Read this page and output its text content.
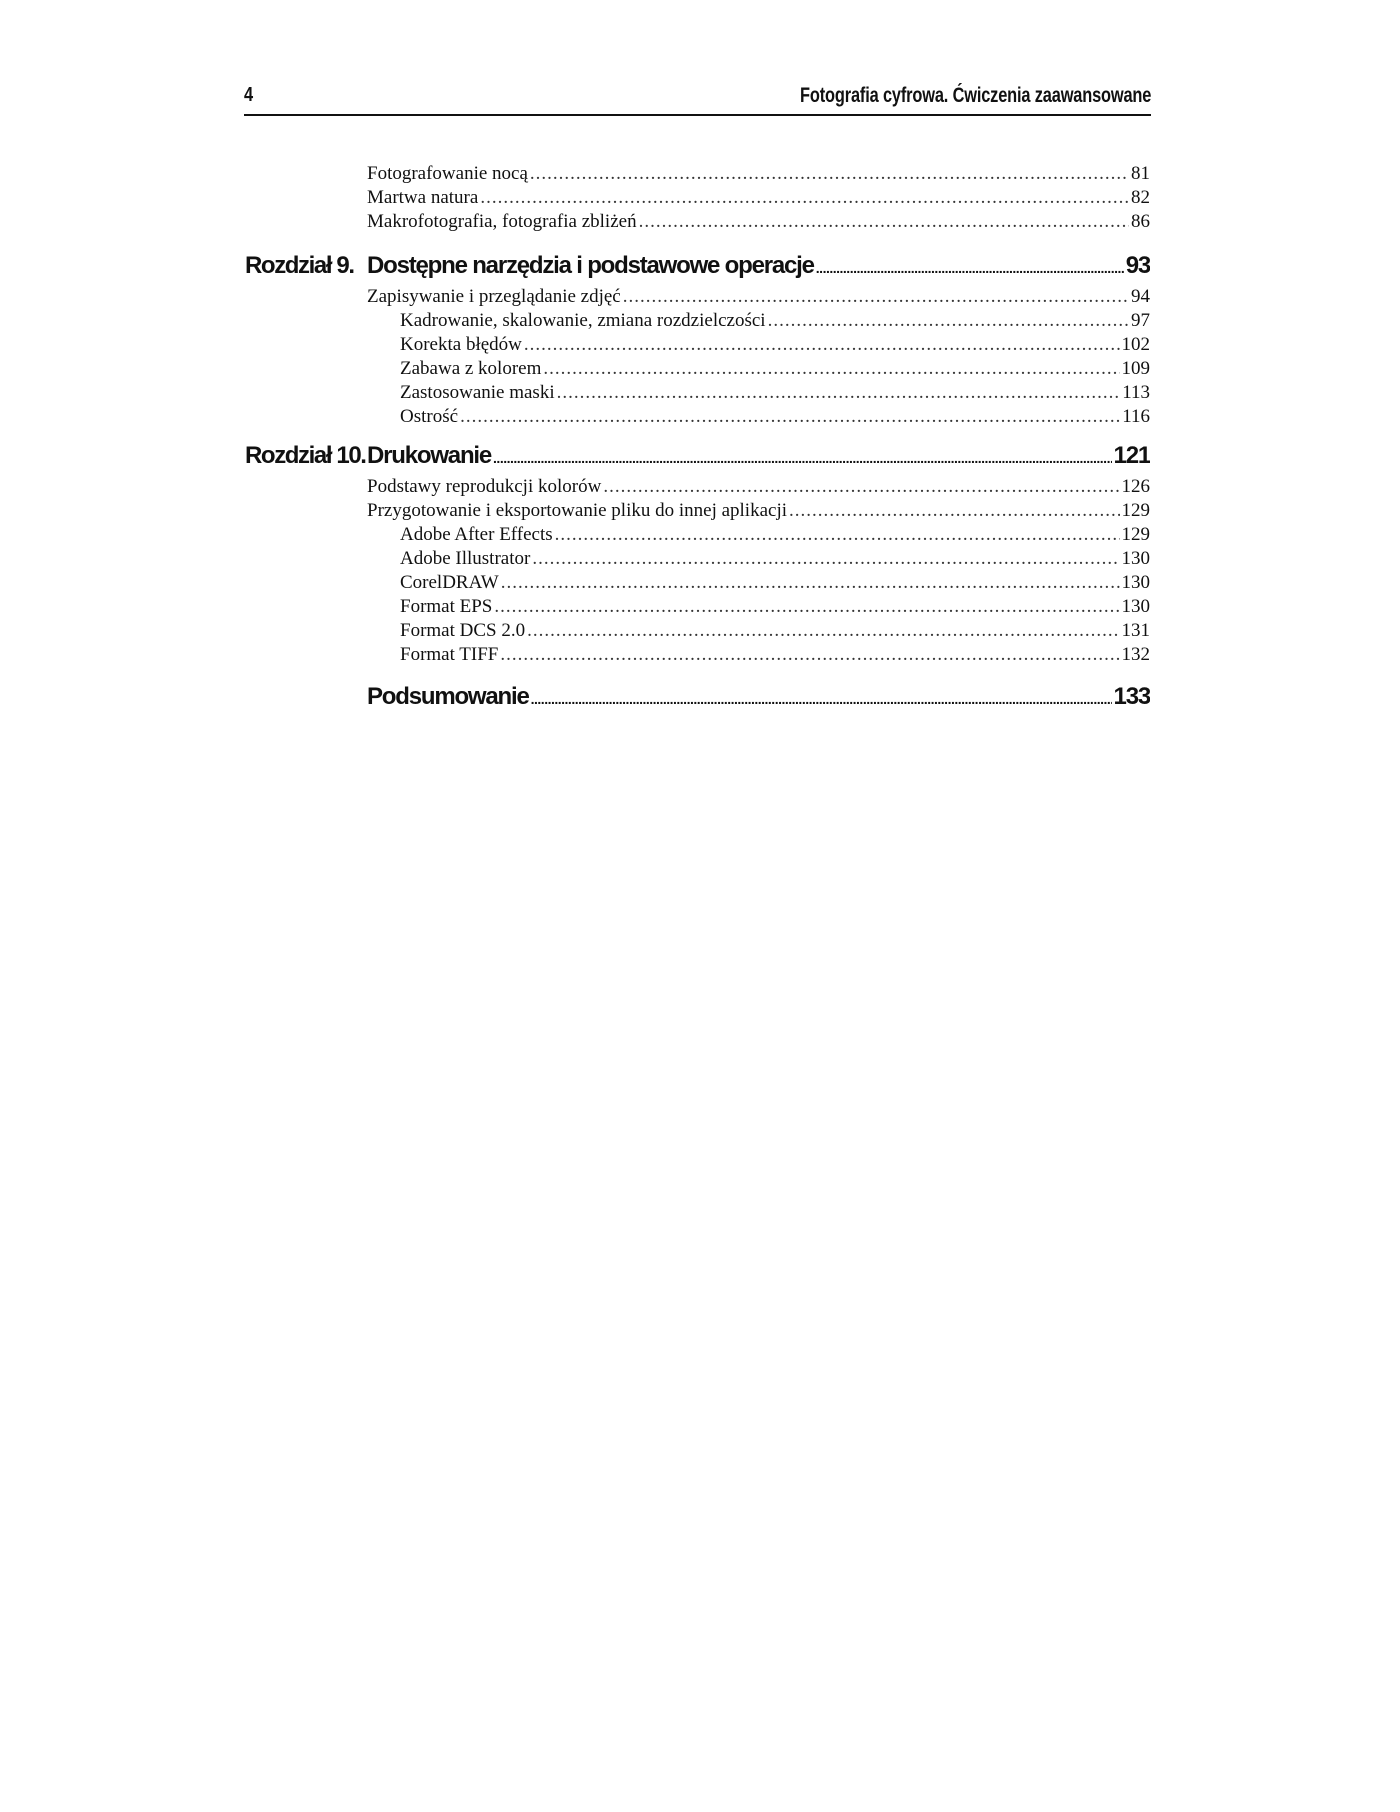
4	Fotografia cyfrowa. Ćwiczenia zaawansowane
Fotografowanie nocą .....	81
Martwa natura .....	82
Makrofotografia, fotografia zbliżeń .....	86
Rozdział 9. Dostępne narzędzia i podstawowe operacje .....	93
Zapisywanie i przeglądanie zdjęć .....	94
Kadrowanie, skalowanie, zmiana rozdzielczości .....	97
Korekta błędów .....	102
Zabawa z kolorem .....	109
Zastosowanie maski .....	113
Ostrość .....	116
Rozdział 10. Drukowanie .....	121
Podstawy reprodukcji kolorów .....	126
Przygotowanie i eksportowanie pliku do innej aplikacji .....	129
Adobe After Effects .....	129
Adobe Illustrator .....	130
CorelDRAW .....	130
Format EPS .....	130
Format DCS 2.0 .....	131
Format TIFF .....	132
Podsumowanie .....	133
